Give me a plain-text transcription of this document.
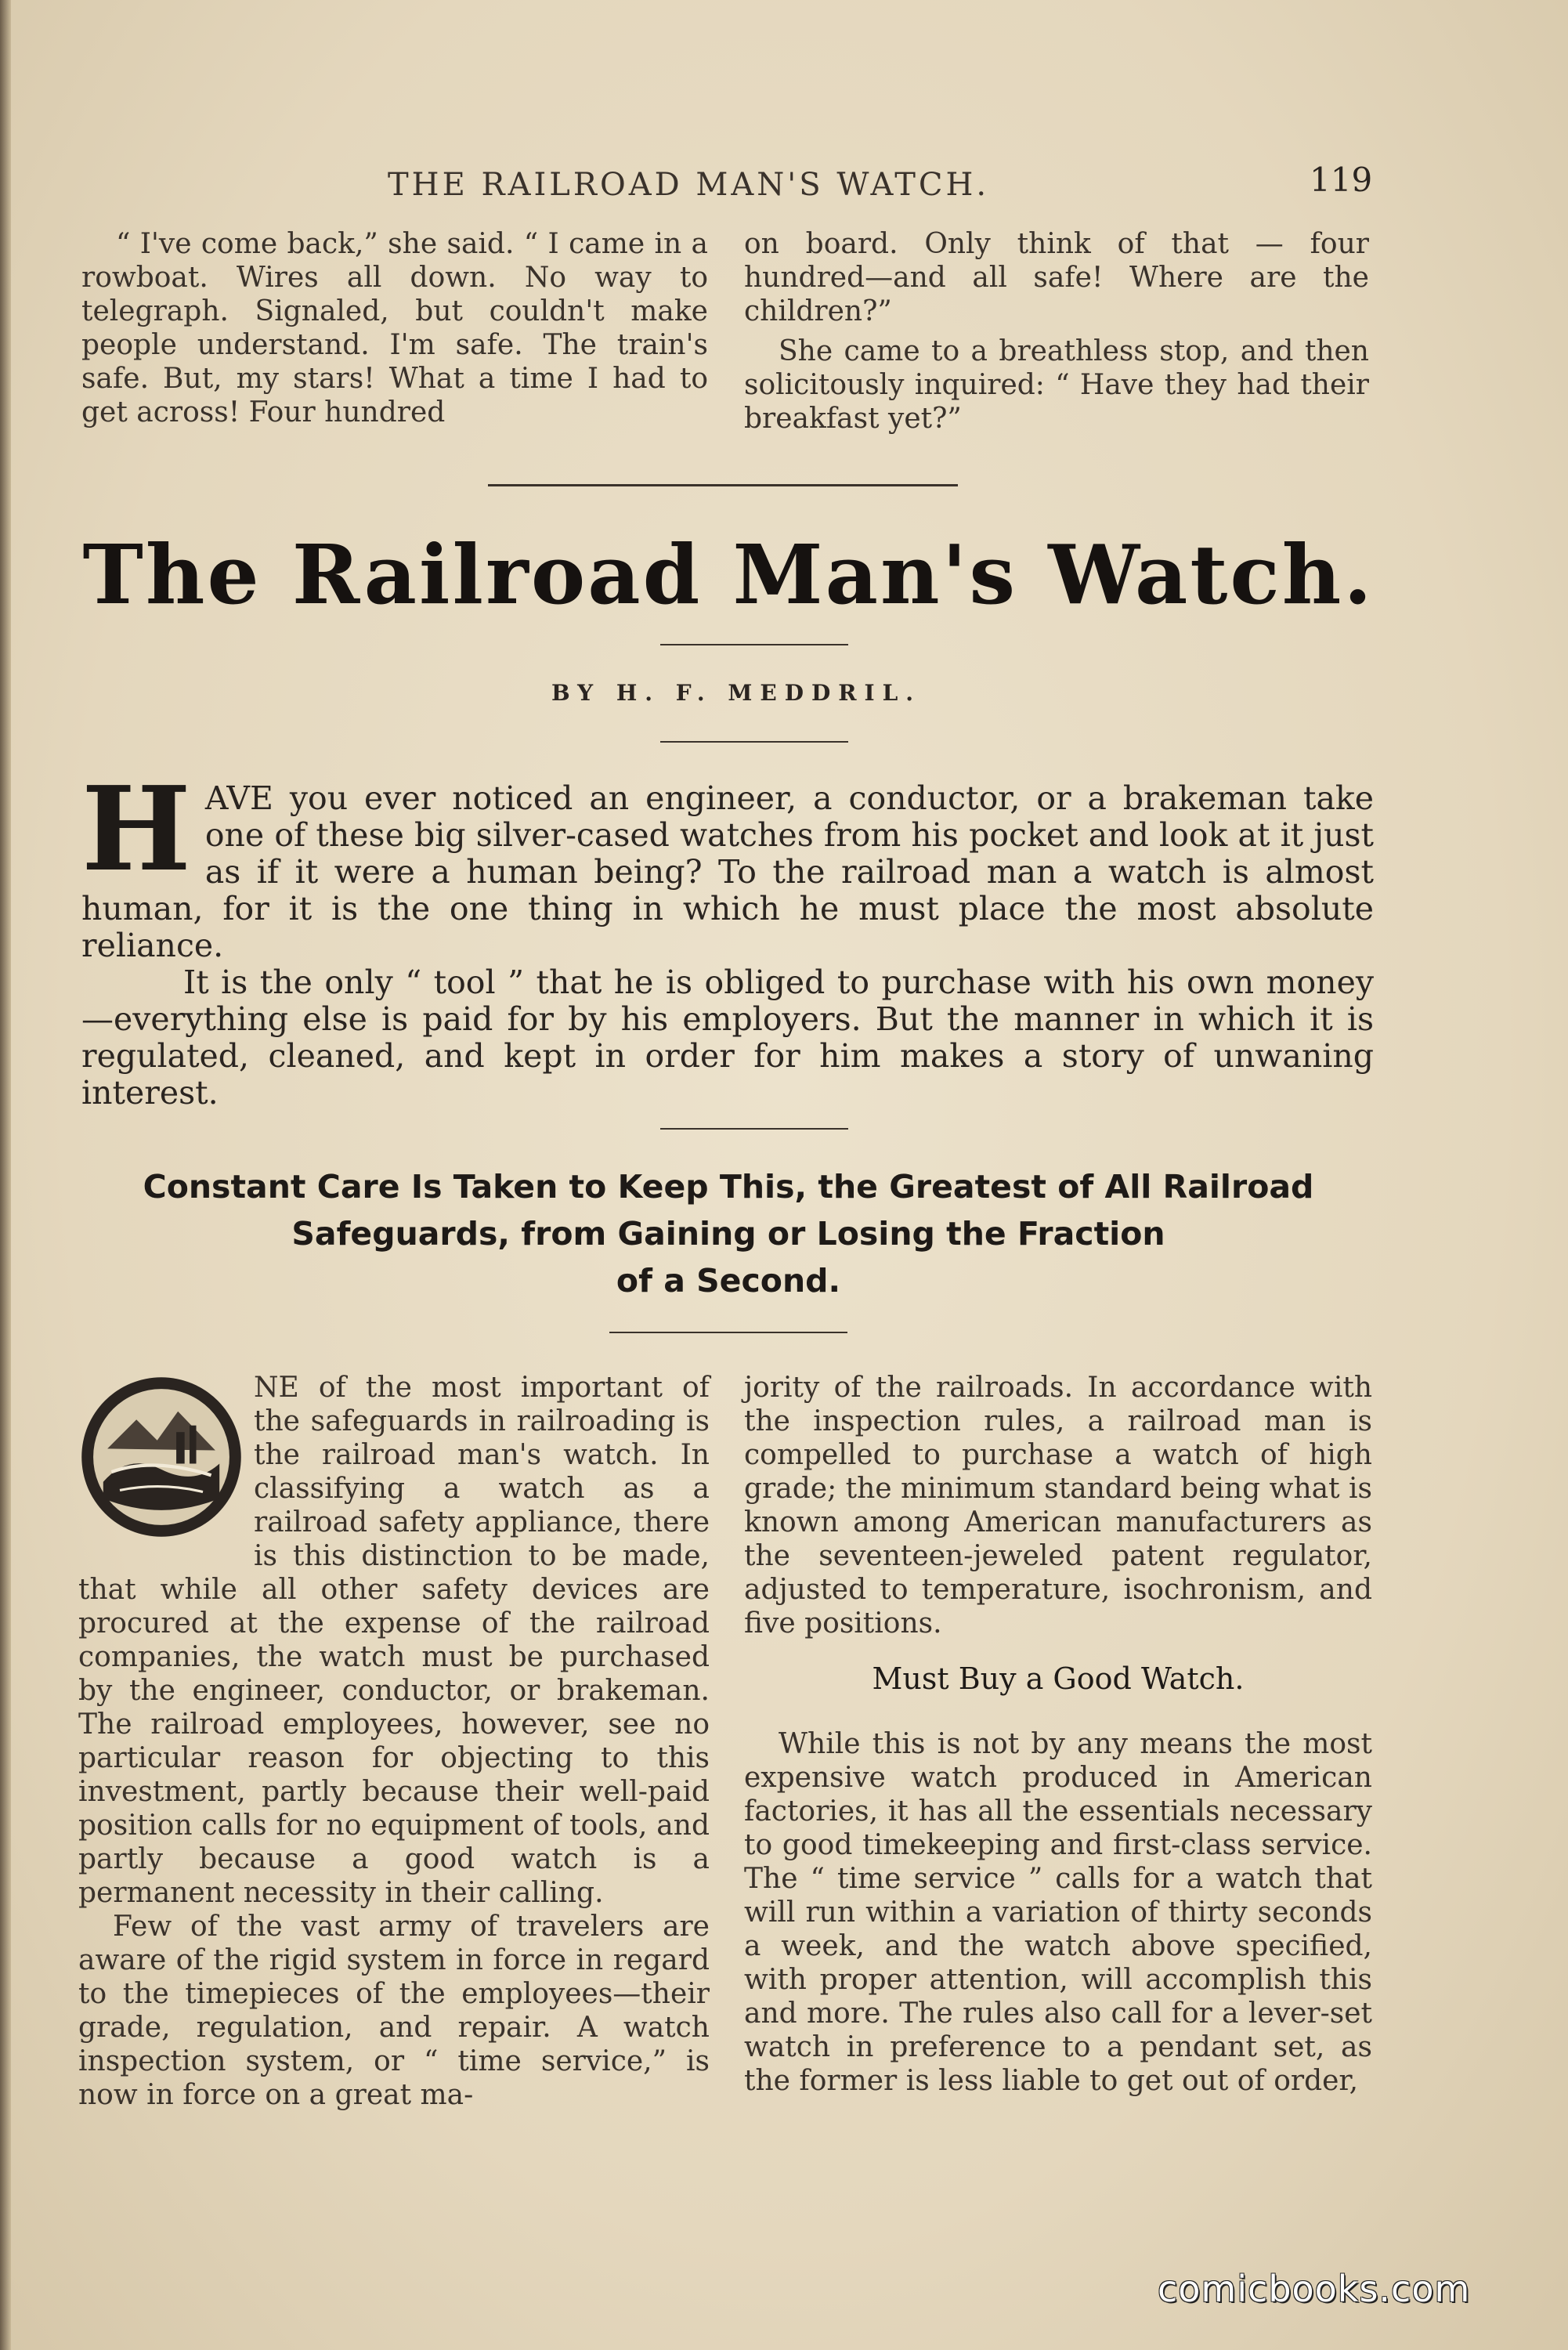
THE RAILROAD MAN'S WATCH.	119

“ I've come back,” she said. “ I came in a rowboat. Wires all down. No way to telegraph. Signaled, but couldn't make people understand. I'm safe. The train's safe. But, my stars! What a time I had to get across! Four hundred

on board. Only think of that — four hundred—and all safe! Where are the children?”

She came to a breathless stop, and then solicitously inquired: “ Have they had their breakfast yet?”

The Railroad Man's Watch.
BY H. F. MEDDRIL.

HAVE you ever noticed an engineer, a conductor, or a brakeman take one of these big silver-cased watches from his pocket and look at it just as if it were a human being? To the railroad man a watch is almost human, for it is the one thing in which he must place the most absolute reliance.

It is the only “ tool ” that he is obliged to purchase with his own money—everything else is paid for by his employers. But the manner in which it is regulated, cleaned, and kept in order for him makes a story of unwaning interest.

Constant Care Is Taken to Keep This, the Greatest of All Railroad
Safeguards, from Gaining or Losing the Fraction
of a Second.

NE of the most important of the safeguards in railroading is the railroad man's watch. In classifying a watch as a railroad safety appliance, there is this distinction to be made, that while all other safety devices are procured at the expense of the railroad companies, the watch must be purchased by the engineer, conductor, or brakeman. The railroad employees, however, see no particular reason for objecting to this investment, partly because their well-paid position calls for no equipment of tools, and partly because a good watch is a permanent necessity in their calling.

Few of the vast army of travelers are aware of the rigid system in force in regard to the timepieces of the employees—their grade, regulation, and repair. A watch inspection system, or “ time service,” is now in force on a great ma-

jority of the railroads. In accordance with the inspection rules, a railroad man is compelled to purchase a watch of high grade; the minimum standard being what is known among American manufacturers as the seventeen-jeweled patent regulator, adjusted to temperature, isochronism, and five positions.

Must Buy a Good Watch.

While this is not by any means the most expensive watch produced in American factories, it has all the essentials necessary to good timekeeping and first-class service. The “ time service ” calls for a watch that will run within a variation of thirty seconds a week, and the watch above specified, with proper attention, will accomplish this and more. The rules also call for a lever-set watch in preference to a pendant set, as the former is less liable to get out of order,

comicbooks.com
